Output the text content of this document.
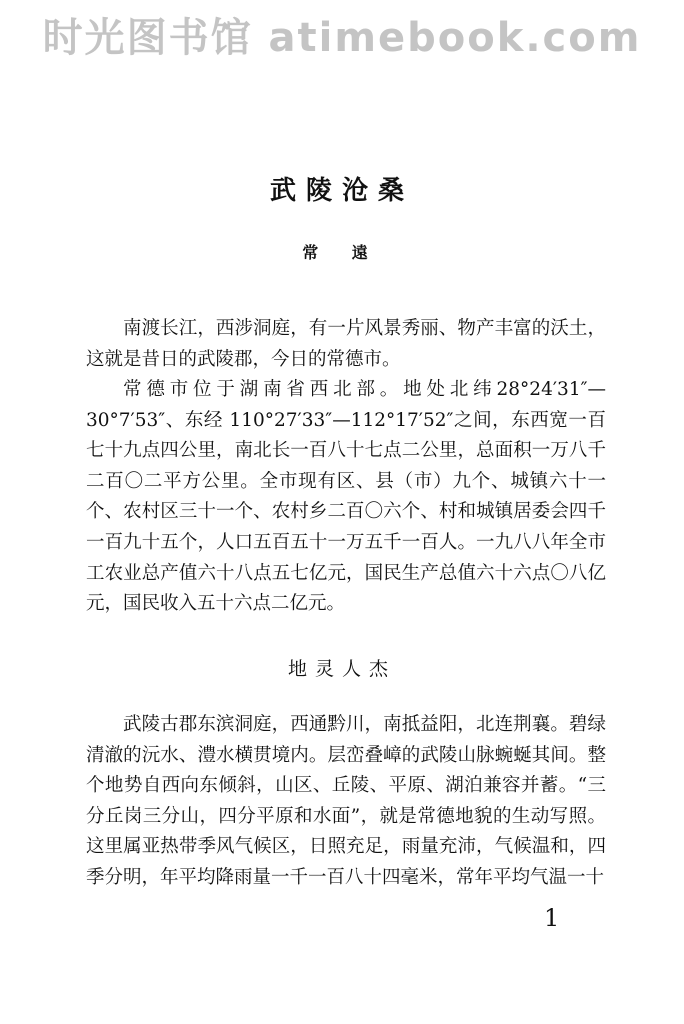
时光图书馆 atimebook.com
武陵沧桑
常 遠

南渡长江，西涉洞庭，有一片风景秀丽、物产丰富的沃土，这就是昔日的武陵郡，今日的常德市。

常德市位于湖南省西北部。地处北纬28°24′31″—30°7′53″、东经 110°27′33″—112°17′52″之间，东西宽一百七十九点四公里，南北长一百八十七点二公里，总面积一万八千二百〇二平方公里。全市现有区、县（市）九个、城镇六十一个、农村区三十一个、农村乡二百〇六个、村和城镇居委会四千一百九十五个，人口五百五十一万五千一百人。一九八八年全市工农业总产值六十八点五七亿元，国民生产总值六十六点〇八亿元，国民收入五十六点二亿元。

地灵人杰

武陵古郡东滨洞庭，西通黔川，南抵益阳，北连荆襄。碧绿清澈的沅水、澧水横贯境内。层峦叠嶂的武陵山脉蜿蜒其间。整个地势自西向东倾斜，山区、丘陵、平原、湖泊兼容并蓄。“三分丘岗三分山，四分平原和水面”，就是常德地貌的生动写照。这里属亚热带季风气候区，日照充足，雨量充沛，气候温和，四季分明，年平均降雨量一千一百八十四毫米，常年平均气温一十

1
